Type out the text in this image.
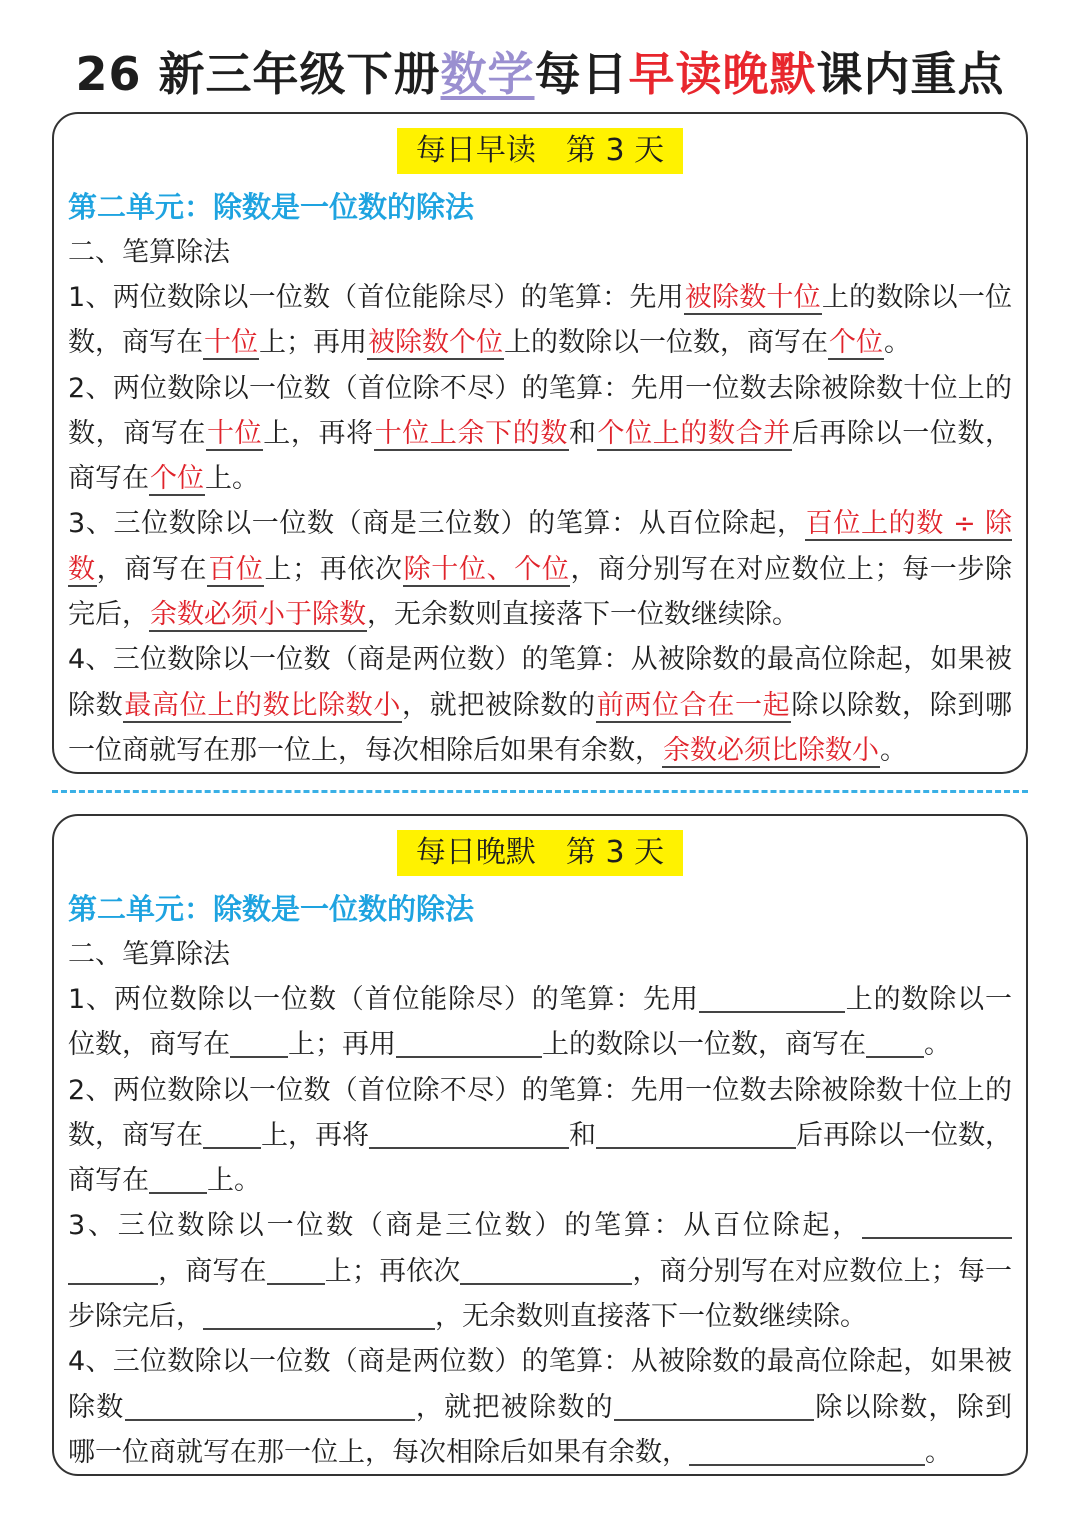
26 新三年级下册数学每日早读晚默课内重点
每日早读　第 3 天
第二单元：除数是一位数的除法
二、笔算除法

1、两位数除以一位数（首位能除尽）的笔算：先用被除数十位上的数除以一位数，商写在十位上；再用被除数个位上的数除以一位数，商写在个位。

2、两位数除以一位数（首位除不尽）的笔算：先用一位数去除被除数十位上的数，商写在十位上，再将十位上余下的数和个位上的数合并后再除以一位数，商写在个位上。

3、三位数除以一位数（商是三位数）的笔算：从百位除起，百位上的数 ÷ 除数，商写在百位上；再依次除十位、个位，商分别写在对应数位上；每一步除完后，余数必须小于除数，无余数则直接落下一位数继续除。

4、三位数除以一位数（商是两位数）的笔算：从被除数的最高位除起，如果被除数最高位上的数比除数小，就把被除数的前两位合在一起除以除数，除到哪一位商就写在那一位上，每次相除后如果有余数，余数必须比除数小。

每日晚默　第 3 天
第二单元：除数是一位数的除法
二、笔算除法

1、两位数除以一位数（首位能除尽）的笔算：先用	上的数除以一位数，商写在 上；再用	上的数除以一位数，商写在 。

2、两位数除以一位数（首位除不尽）的笔算：先用一位数去除被除数十位上的数，商写在 上，再将	和	后再除以一位数，商写在 上。

3、三位数除以一位数（商是三位数）的笔算：从百位除起，，商写在 上；再依次	，商分别写在对应数位上；每一步除完后，	，无余数则直接落下一位数继续除。

4、三位数除以一位数（商是两位数）的笔算：从被除数的最高位除起，如果被除数	，就把被除数的	除以除数，除到哪一位商就写在那一位上，每次相除后如果有余数，	。
